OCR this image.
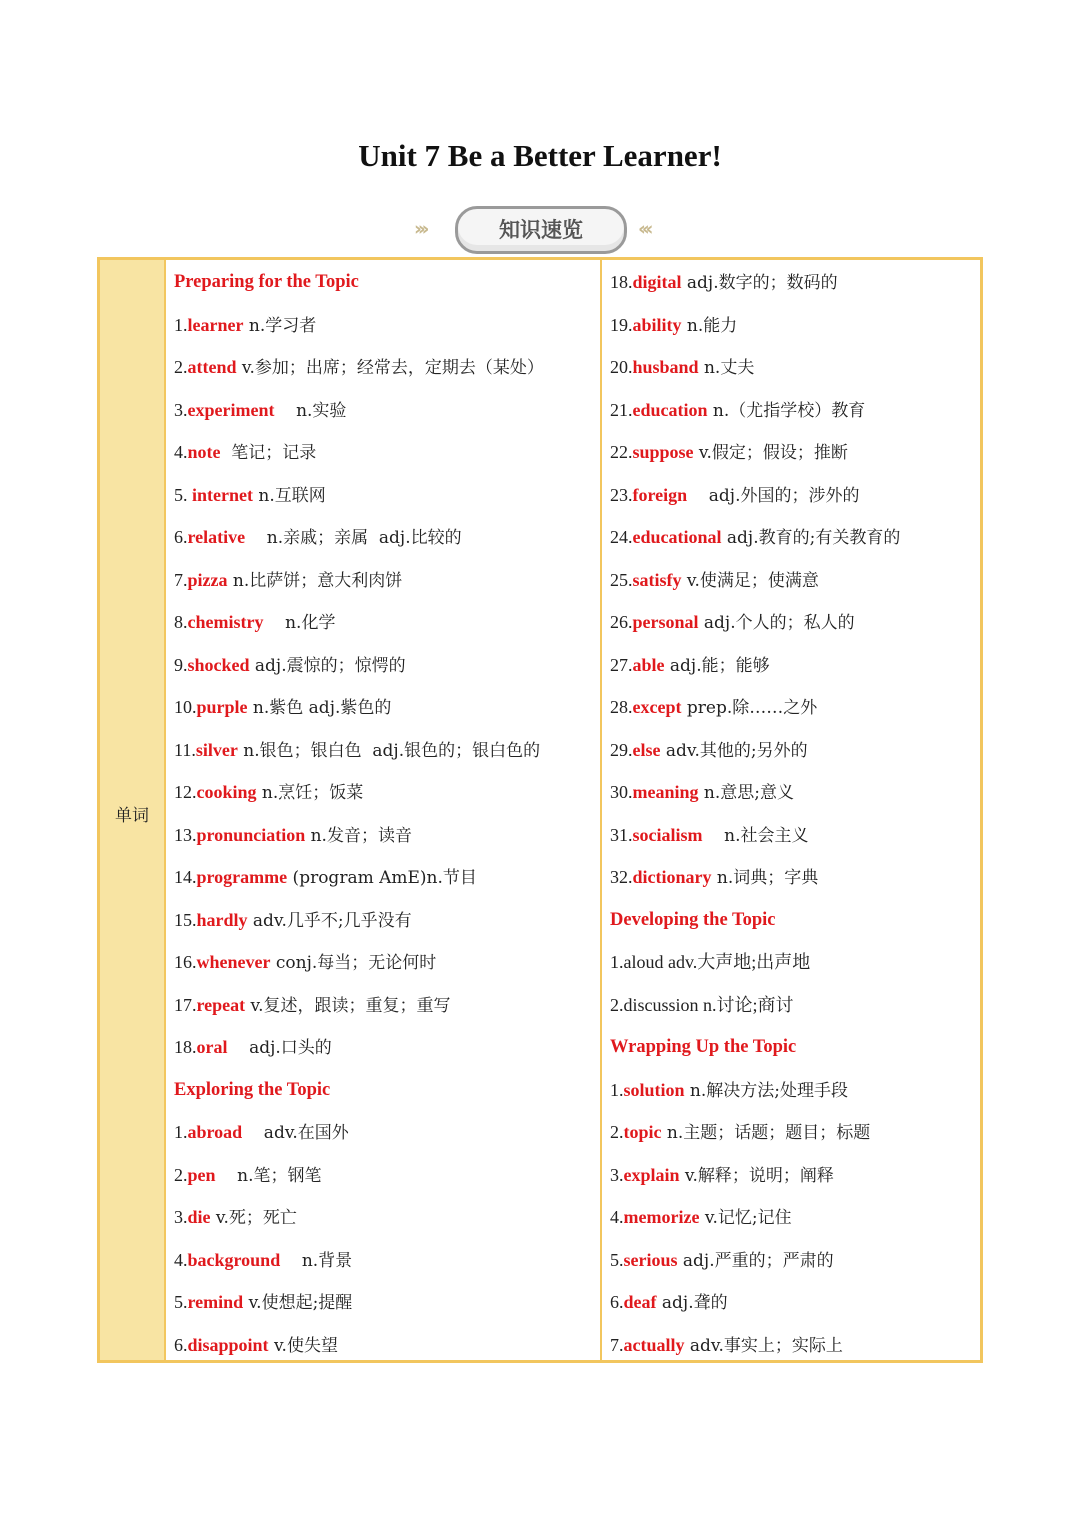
Unit 7 Be a Better Learner!
›››	知识速览	‹‹‹
单词
Preparing for the Topic
1.learner n.学习者
2.attend v.参加；出席；经常去，定期去（某处）
3.experiment    n.实验
4.note  笔记；记录
5. internet n.互联网
6.relative    n.亲戚；亲属  adj.比较的
7.pizza n.比萨饼；意大利肉饼
8.chemistry    n.化学
9.shocked adj.震惊的；惊愕的
10.purple n.紫色 adj.紫色的
11.silver n.银色；银白色  adj.银色的；银白色的
12.cooking n.烹饪；饭菜
13.pronunciation n.发音；读音
14.programme (program AmE)n.节目
15.hardly adv.几乎不;几乎没有
16.whenever conj.每当；无论何时
17.repeat v.复述，跟读；重复；重写
18.oral    adj.口头的
Exploring the Topic
1.abroad    adv.在国外
2.pen    n.笔；钢笔
3.die v.死；死亡
4.background    n.背景
5.remind v.使想起;提醒
6.disappoint v.使失望
18.digital adj.数字的；数码的
19.ability n.能力
20.husband n.丈夫
21.education n.（尤指学校）教育
22.suppose v.假定；假设；推断
23.foreign    adj.外国的；涉外的
24.educational adj.教育的;有关教育的
25.satisfy v.使满足；使满意
26.personal adj.个人的；私人的
27.able adj.能；能够
28.except prep.除……之外
29.else adv.其他的;另外的
30.meaning n.意思;意义
31.socialism    n.社会主义
32.dictionary n.词典；字典
Developing the Topic
1.aloud adv.大声地;出声地
2.discussion n.讨论;商讨
Wrapping Up the Topic
1.solution n.解决方法;处理手段
2.topic n.主题；话题；题目；标题
3.explain v.解释；说明；阐释
4.memorize v.记忆;记住
5.serious adj.严重的；严肃的
6.deaf adj.聋的
7.actually adv.事实上；实际上
